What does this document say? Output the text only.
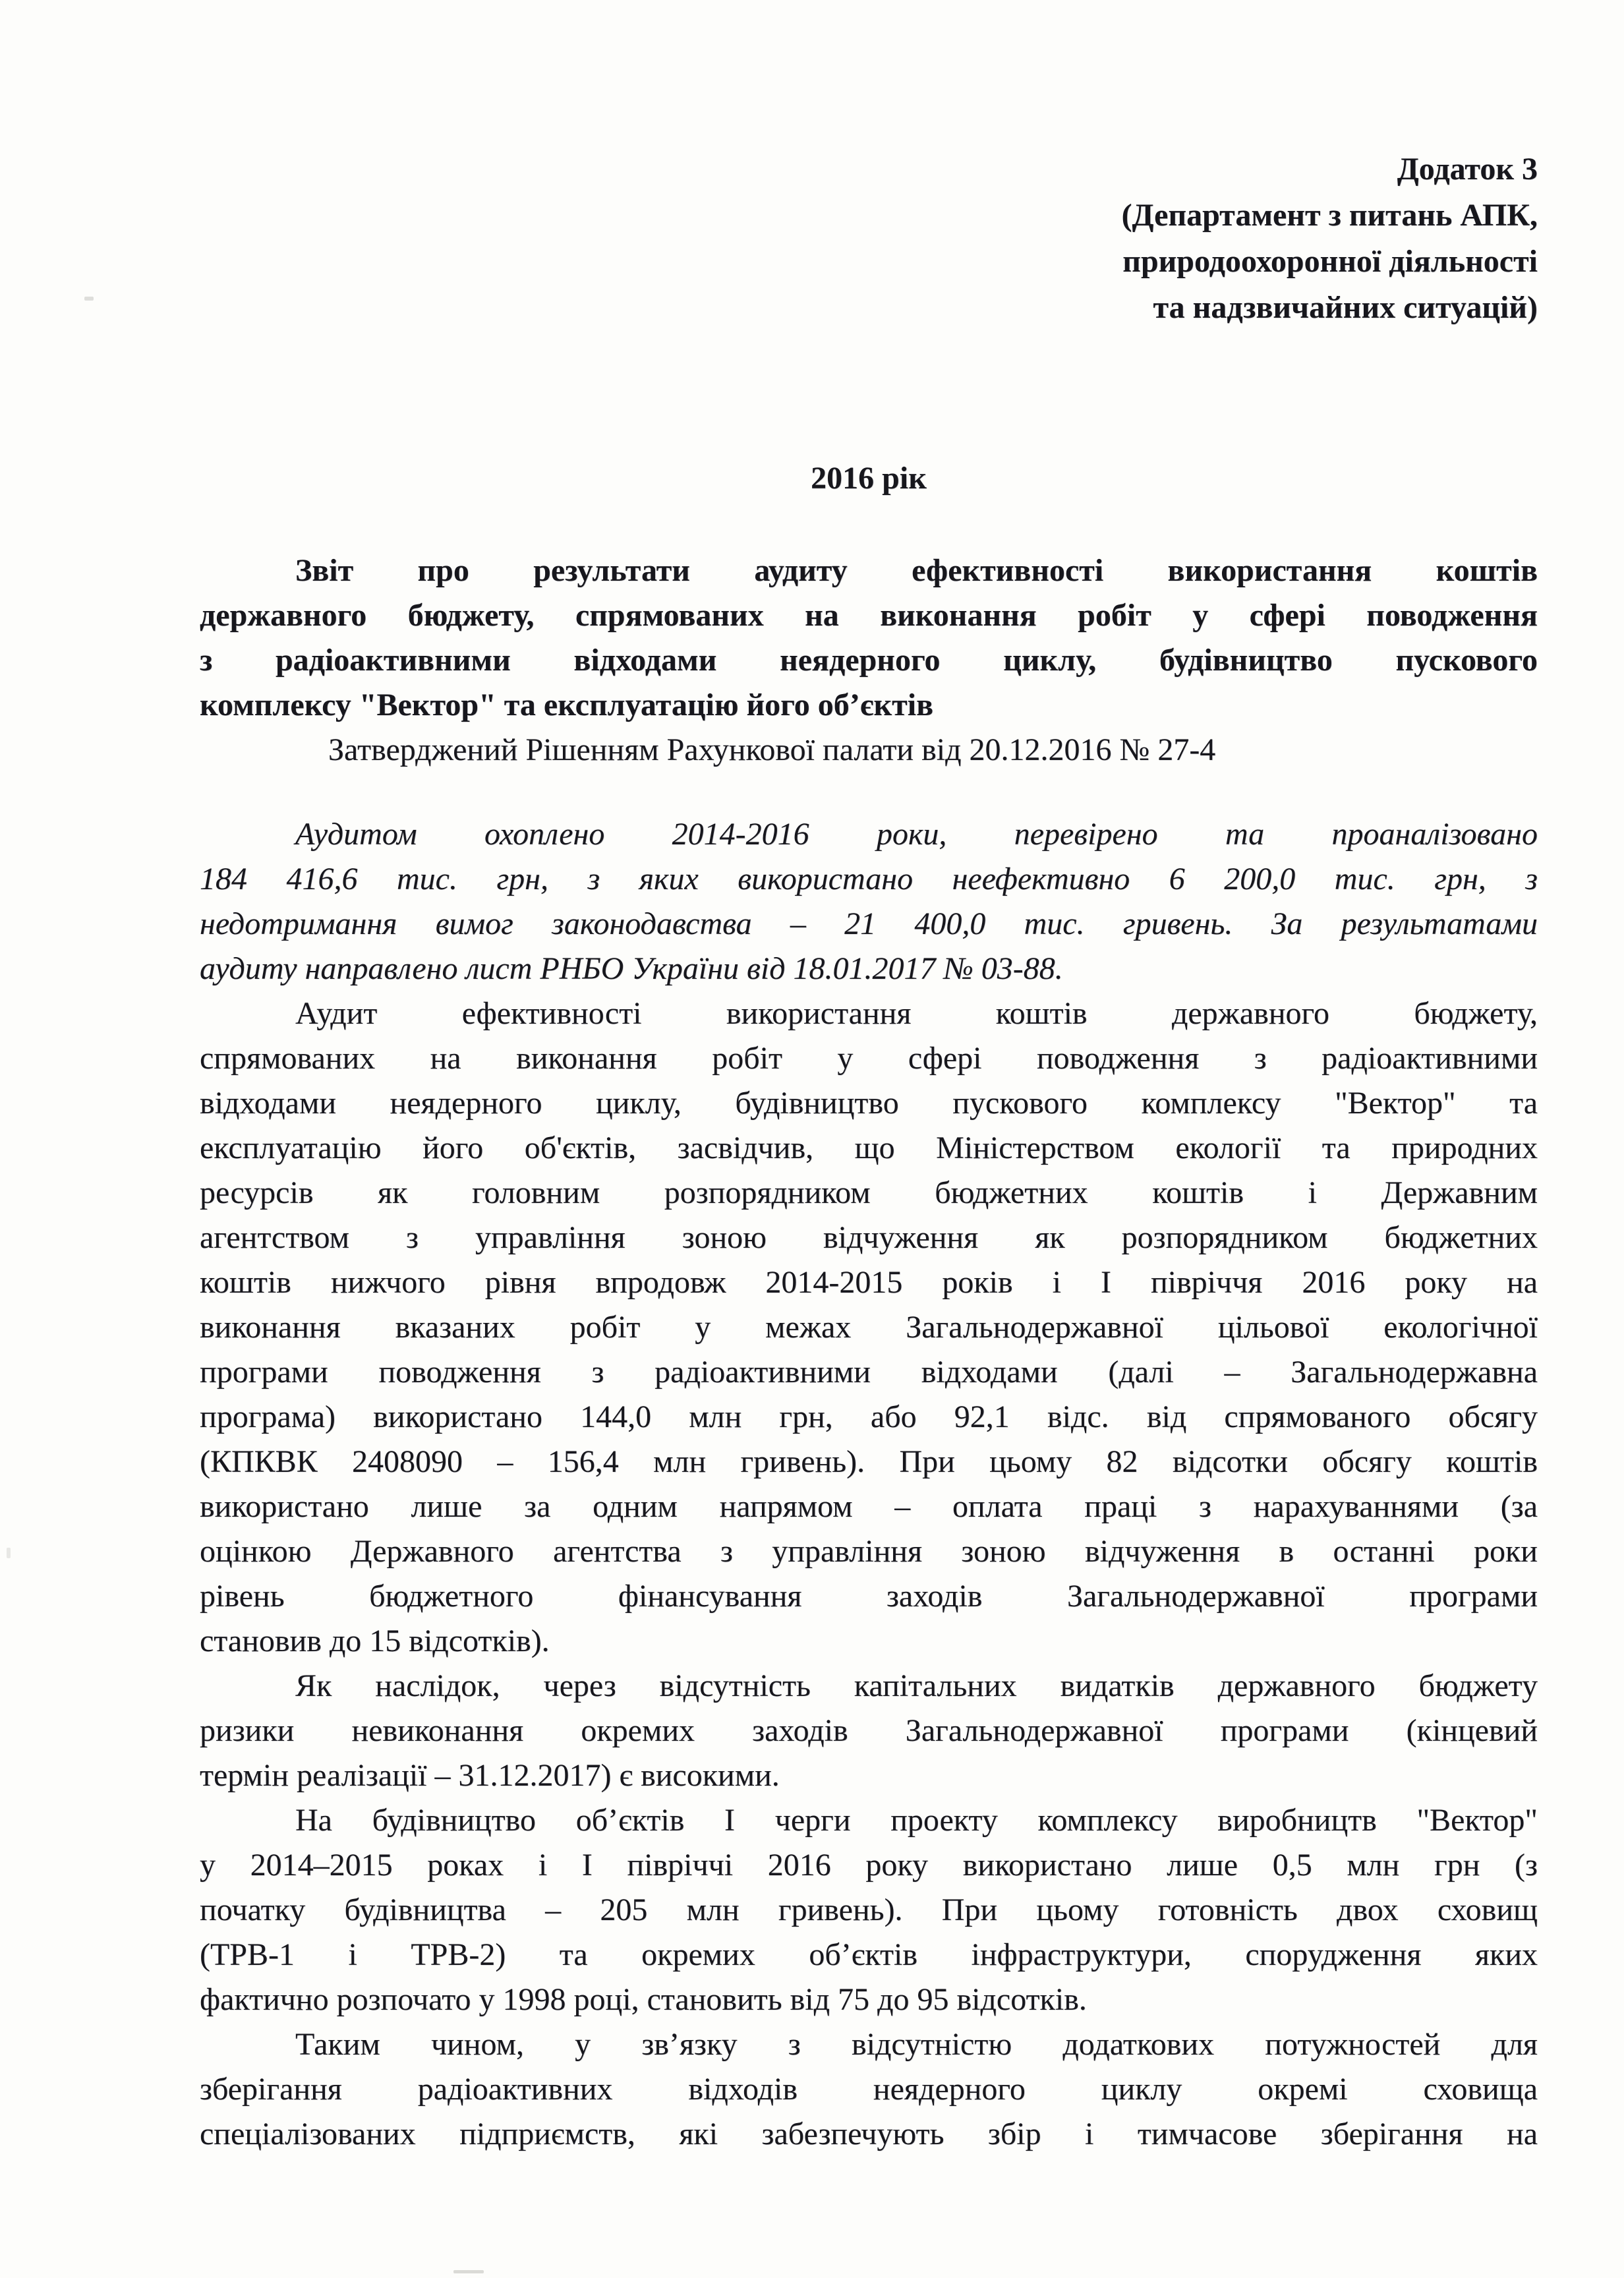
Додаток 3
(Департамент з питань АПК,
природоохоронної діяльності
та надзвичайних ситуацій)
2016 рік
Звіт про результати аудиту ефективності використання коштів
державного бюджету, спрямованих на виконання робіт у сфері поводження
з радіоактивними відходами неядерного циклу, будівництво пускового
комплексу "Вектор" та експлуатацію його об’єктів
Затверджений Рішенням Рахункової палати від 20.12.2016 № 27-4
Аудитом охоплено 2014-2016 роки, перевірено та проаналізовано
184 416,6 тис. грн, з яких використано неефективно 6 200,0 тис. грн, з
недотримання вимог законодавства – 21 400,0 тис. гривень. За результатами
аудиту направлено лист РНБО України від 18.01.2017 № 03-88.
Аудит ефективності використання коштів державного бюджету,
спрямованих на виконання робіт у сфері поводження з радіоактивними
відходами неядерного циклу, будівництво пускового комплексу "Вектор" та
експлуатацію його об'єктів, засвідчив, що Міністерством екології та природних
ресурсів як головним розпорядником бюджетних коштів і Державним
агентством з управління зоною відчуження як розпорядником бюджетних
коштів нижчого рівня впродовж 2014-2015 років і І півріччя 2016 року на
виконання вказаних робіт у межах Загальнодержавної цільової екологічної
програми поводження з радіоактивними відходами (далі – Загальнодержавна
програма) використано 144,0 млн грн, або 92,1 відс. від спрямованого обсягу
(КПКВК 2408090 – 156,4 млн гривень). При цьому 82 відсотки обсягу коштів
використано лише за одним напрямом – оплата праці з нарахуваннями (за
оцінкою Державного агентства з управління зоною відчуження в останні роки
рівень бюджетного фінансування заходів Загальнодержавної програми
становив до 15 відсотків).
Як наслідок, через відсутність капітальних видатків державного бюджету
ризики невиконання окремих заходів Загальнодержавної програми (кінцевий
термін реалізації – 31.12.2017) є високими.
На будівництво об’єктів І черги проекту комплексу виробництв "Вектор"
у 2014–2015 роках і І півріччі 2016 року використано лише 0,5 млн грн (з
початку будівництва – 205 млн гривень). При цьому готовність двох сховищ
(ТРВ-1 і ТРВ-2) та окремих об’єктів інфраструктури, спорудження яких
фактично розпочато у 1998 році, становить від 75 до 95 відсотків.
Таким чином, у зв’язку з відсутністю додаткових потужностей для
зберігання радіоактивних відходів неядерного циклу окремі сховища
спеціалізованих підприємств, які забезпечують збір і тимчасове зберігання на
